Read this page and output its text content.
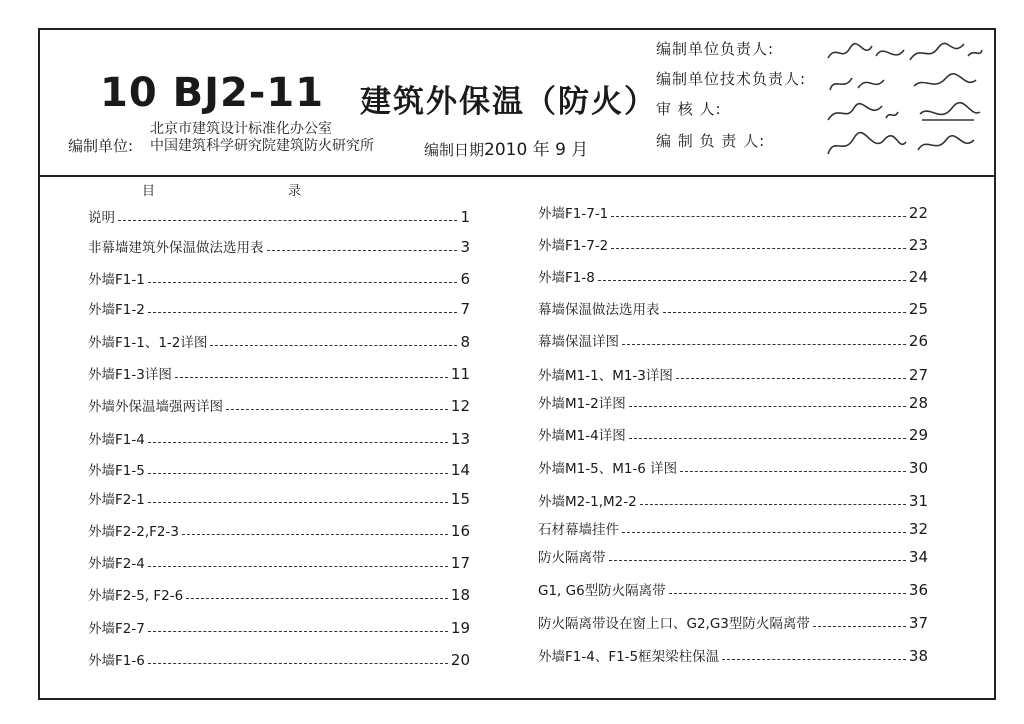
10 BJ2-11 建筑外保温（防火）
编制单位:
北京市建筑设计标准化办公室
中国建筑科学研究院建筑防火研究所	编制日期2010 年 9 月
编制单位负责人:
编制单位技术负责人:
审 核 人:
编 制 负 责 人:
目	录
说明	1
非幕墙建筑外保温做法选用表	3
外墙F1-1	6
外墙F1-2	7
外墙F1-1、1-2详图	8
外墙F1-3详图	11
外墙外保温墙强两详图	12
外墙F1-4	13
外墙F1-5	14
外墙F2-1	15
外墙F2-2,F2-3	16
外墙F2-4	17
外墙F2-5, F2-6	18
外墙F2-7	19
外墙F1-6	20
外墙F1-7-1	22
外墙F1-7-2	23
外墙F1-8	24
幕墙保温做法选用表	25
幕墙保温详图	26
外墙M1-1、M1-3详图	27
外墙M1-2详图	28
外墙M1-4详图	29
外墙M1-5、M1-6 详图	30
外墙M2-1,M2-2	31
石材幕墙挂件	32
防火隔离带	34
G1, G6型防火隔离带	36
防火隔离带设在窗上口、G2,G3型防火隔离带	37
外墙F1-4、F1-5框架梁柱保温	38
